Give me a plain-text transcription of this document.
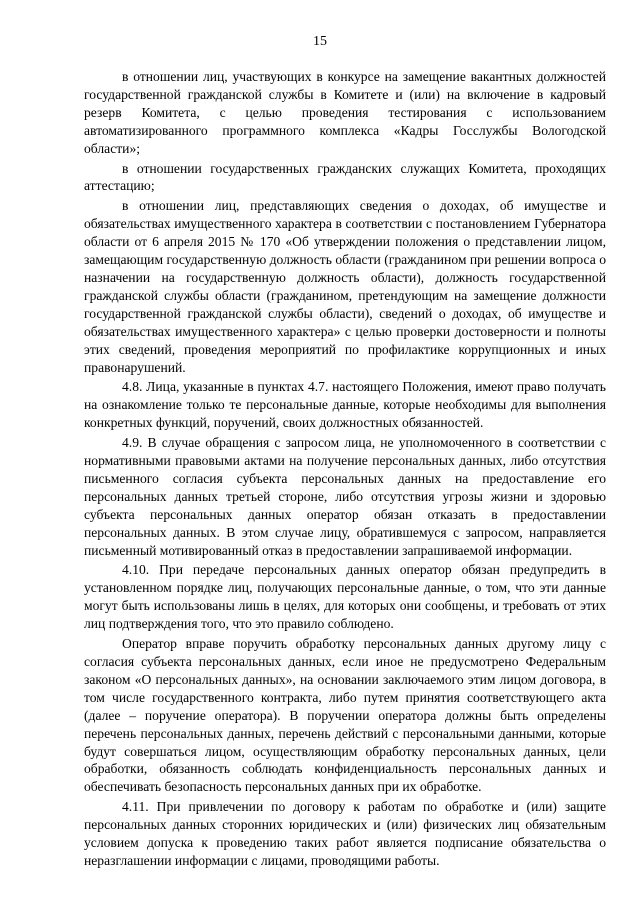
15

в отношении лиц, участвующих в конкурсе на замещение вакантных должностей государственной гражданской службы в Комитете и (или) на включение в кадровый резерв Комитета, с целью проведения тестирования с использованием автоматизированного программного комплекса «Кадры Госслужбы Вологодской области»;

в отношении государственных гражданских служащих Комитета, проходящих аттестацию;

в отношении лиц, представляющих сведения о доходах, об имуществе и обязательствах имущественного характера в соответствии с постановлением Губернатора области от 6 апреля 2015 № 170 «Об утверждении положения о представлении лицом, замещающим государственную должность области (гражданином при решении вопроса о назначении на государственную должность области), должность государственной гражданской службы области (гражданином, претендующим на замещение должности государственной гражданской службы области), сведений о доходах, об имуществе и обязательствах имущественного характера» с целью проверки достоверности и полноты этих сведений, проведения мероприятий по профилактике коррупционных и иных правонарушений.

4.8. Лица, указанные в пунктах 4.7. настоящего Положения, имеют право получать на ознакомление только те персональные данные, которые необходимы для выполнения конкретных функций, поручений, своих должностных обязанностей.

4.9. В случае обращения с запросом лица, не уполномоченного в соответствии с нормативными правовыми актами на получение персональных данных, либо отсутствия письменного согласия субъекта персональных данных на предоставление его персональных данных третьей стороне, либо отсутствия угрозы жизни и здоровью субъекта персональных данных оператор обязан отказать в предоставлении персональных данных. В этом случае лицу, обратившемуся с запросом, направляется письменный мотивированный отказ в предоставлении запрашиваемой информации.

4.10. При передаче персональных данных оператор обязан предупредить в установленном порядке лиц, получающих персональные данные, о том, что эти данные могут быть использованы лишь в целях, для которых они сообщены, и требовать от этих лиц подтверждения того, что это правило соблюдено.

Оператор вправе поручить обработку персональных данных другому лицу с согласия субъекта персональных данных, если иное не предусмотрено Федеральным законом «О персональных данных», на основании заключаемого этим лицом договора, в том числе государственного контракта, либо путем принятия соответствующего акта (далее – поручение оператора). В поручении оператора должны быть определены перечень персональных данных, перечень действий с персональными данными, которые будут совершаться лицом, осуществляющим обработку персональных данных, цели обработки, обязанность соблюдать конфиденциальность персональных данных и обеспечивать безопасность персональных данных при их обработке.

4.11. При привлечении по договору к работам по обработке и (или) защите персональных данных сторонних юридических и (или) физических лиц обязательным условием допуска к проведению таких работ является подписание обязательства о неразглашении информации с лицами, проводящими работы.
